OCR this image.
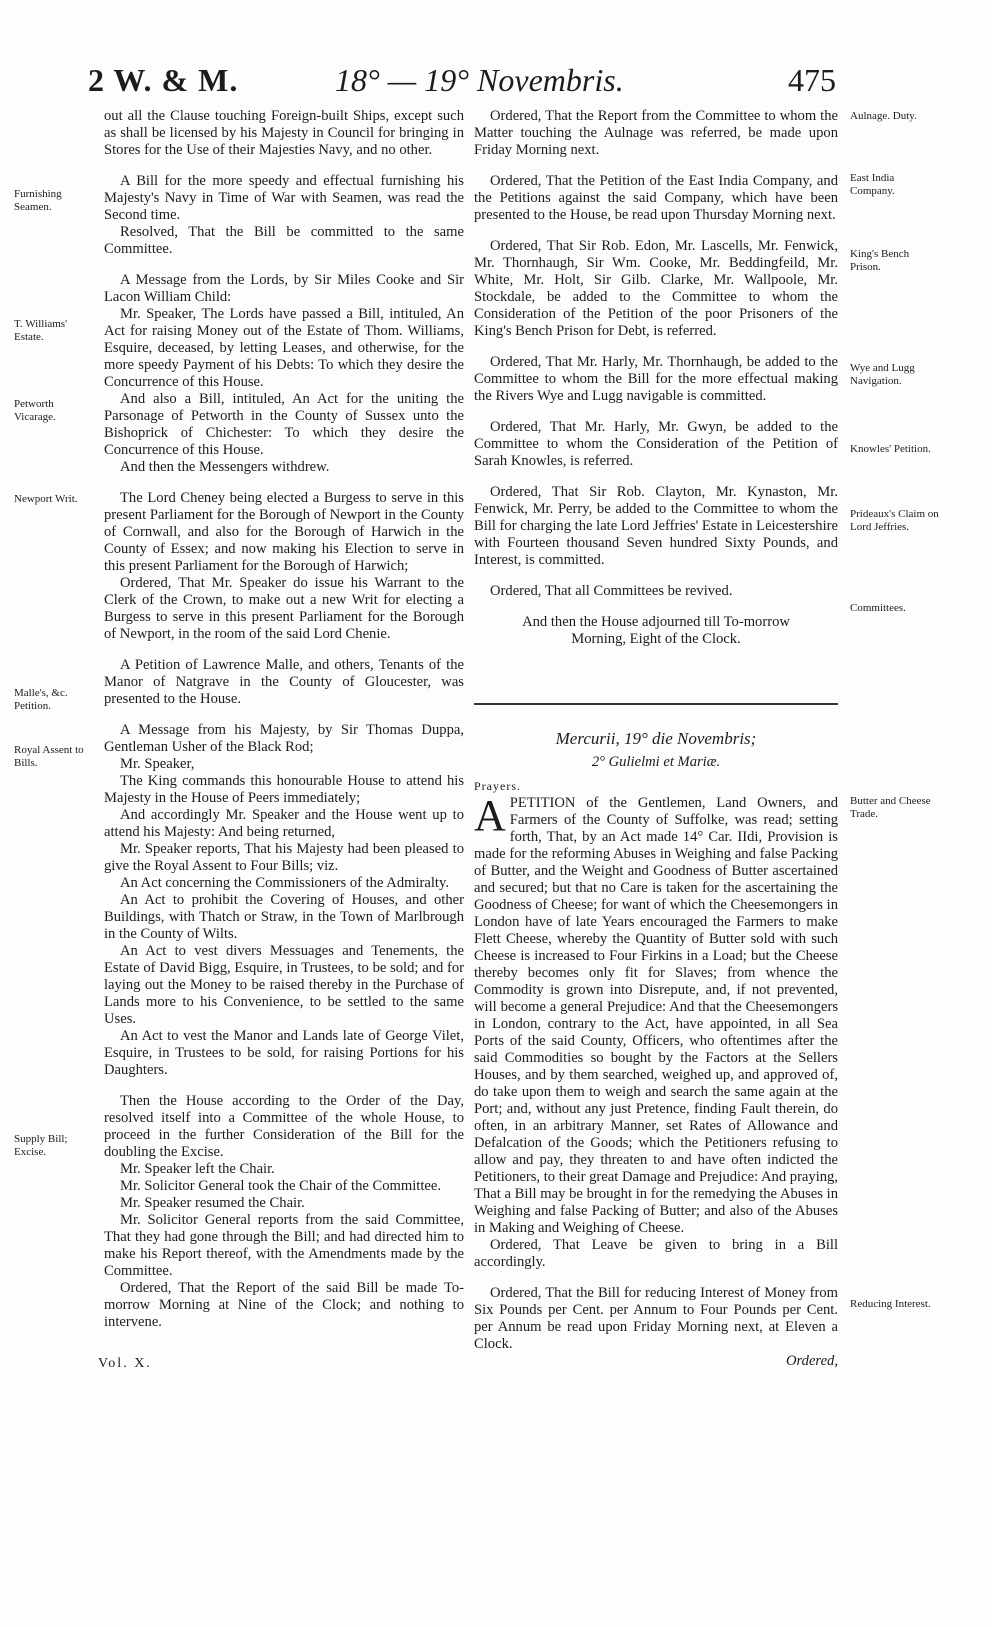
2 W. & M.	18° — 19° Novembris.	475
Furnishing Seamen.
T. Williams' Estate.
Petworth Vicarage.
Newport Writ.
Malle's, &c. Petition.
Royal Assent to Bills.
Supply Bill; Excise.
Aulnage. Duty.
East India Company.
King's Bench Prison.
Wye and Lugg Navigation.
Knowles' Petition.
Prideaux's Claim on Lord Jeffries.
Committees.
Butter and Cheese Trade.
Reducing Interest.

out all the Clause touching Foreign-built Ships, except such as shall be licensed by his Majesty in Council for bringing in Stores for the Use of their Majesties Navy, and no other.

A Bill for the more speedy and effectual furnishing his Majesty's Navy in Time of War with Seamen, was read the Second time.

Resolved, That the Bill be committed to the same Committee.

A Message from the Lords, by Sir Miles Cooke and Sir Lacon William Child:

Mr. Speaker, The Lords have passed a Bill, intituled, An Act for raising Money out of the Estate of Thom. Williams, Esquire, deceased, by letting Leases, and otherwise, for the more speedy Payment of his Debts: To which they desire the Concurrence of this House.

And also a Bill, intituled, An Act for the uniting the Parsonage of Petworth in the County of Sussex unto the Bishoprick of Chichester: To which they desire the Concurrence of this House.

And then the Messengers withdrew.

The Lord Cheney being elected a Burgess to serve in this present Parliament for the Borough of Newport in the County of Cornwall, and also for the Borough of Harwich in the County of Essex; and now making his Election to serve in this present Parliament for the Borough of Harwich;

Ordered, That Mr. Speaker do issue his Warrant to the Clerk of the Crown, to make out a new Writ for electing a Burgess to serve in this present Parliament for the Borough of Newport, in the room of the said Lord Chenie.

A Petition of Lawrence Malle, and others, Tenants of the Manor of Natgrave in the County of Gloucester, was presented to the House.

A Message from his Majesty, by Sir Thomas Duppa, Gentleman Usher of the Black Rod;

Mr. Speaker,

The King commands this honourable House to attend his Majesty in the House of Peers immediately;

And accordingly Mr. Speaker and the House went up to attend his Majesty: And being returned,

Mr. Speaker reports, That his Majesty had been pleased to give the Royal Assent to Four Bills; viz.

An Act concerning the Commissioners of the Admiralty.

An Act to prohibit the Covering of Houses, and other Buildings, with Thatch or Straw, in the Town of Marlbrough in the County of Wilts.

An Act to vest divers Messuages and Tenements, the Estate of David Bigg, Esquire, in Trustees, to be sold; and for laying out the Money to be raised thereby in the Purchase of Lands more to his Convenience, to be settled to the same Uses.

An Act to vest the Manor and Lands late of George Vilet, Esquire, in Trustees to be sold, for raising Portions for his Daughters.

Then the House according to the Order of the Day, resolved itself into a Committee of the whole House, to proceed in the further Consideration of the Bill for the doubling the Excise.

Mr. Speaker left the Chair.

Mr. Solicitor General took the Chair of the Committee.

Mr. Speaker resumed the Chair.

Mr. Solicitor General reports from the said Committee, That they had gone through the Bill; and had directed him to make his Report thereof, with the Amendments made by the Committee.

Ordered, That the Report of the said Bill be made To-morrow Morning at Nine of the Clock; and nothing to intervene.

Ordered, That the Report from the Committee to whom the Matter touching the Aulnage was referred, be made upon Friday Morning next.

Ordered, That the Petition of the East India Company, and the Petitions against the said Company, which have been presented to the House, be read upon Thursday Morning next.

Ordered, That Sir Rob. Edon, Mr. Lascells, Mr. Fenwick, Mr. Thornhaugh, Sir Wm. Cooke, Mr. Beddingfeild, Mr. White, Mr. Holt, Sir Gilb. Clarke, Mr. Wallpoole, Mr. Stockdale, be added to the Committee to whom the Consideration of the Petition of the poor Prisoners of the King's Bench Prison for Debt, is referred.

Ordered, That Mr. Harly, Mr. Thornhaugh, be added to the Committee to whom the Bill for the more effectual making the Rivers Wye and Lugg navigable is committed.

Ordered, That Mr. Harly, Mr. Gwyn, be added to the Committee to whom the Consideration of the Petition of Sarah Knowles, is referred.

Ordered, That Sir Rob. Clayton, Mr. Kynaston, Mr. Fenwick, Mr. Perry, be added to the Committee to whom the Bill for charging the late Lord Jeffries' Estate in Leicestershire with Fourteen thousand Seven hundred Sixty Pounds, and Interest, is committed.

Ordered, That all Committees be revived.

And then the House adjourned till To-morrow Morning, Eight of the Clock.

Mercurii, 19° die Novembris;

2° Gulielmi et Mariæ.

Prayers.

A PETITION of the Gentlemen, Land Owners, and Farmers of the County of Suffolke, was read; setting forth, That, by an Act made 14° Car. IIdi, Provision is made for the reforming Abuses in Weighing and false Packing of Butter, and the Weight and Goodness of Butter ascertained and secured; but that no Care is taken for the ascertaining the Goodness of Cheese; for want of which the Cheesemongers in London have of late Years encouraged the Farmers to make Flett Cheese, whereby the Quantity of Butter sold with such Cheese is increased to Four Firkins in a Load; but the Cheese thereby becomes only fit for Slaves; from whence the Commodity is grown into Disrepute, and, if not prevented, will become a general Prejudice: And that the Cheesemongers in London, contrary to the Act, have appointed, in all Sea Ports of the said County, Officers, who oftentimes after the said Commodities so bought by the Factors at the Sellers Houses, and by them searched, weighed up, and approved of, do take upon them to weigh and search the same again at the Port; and, without any just Pretence, finding Fault therein, do often, in an arbitrary Manner, set Rates of Allowance and Defalcation of the Goods; which the Petitioners refusing to allow and pay, they threaten to and have often indicted the Petitioners, to their great Damage and Prejudice: And praying, That a Bill may be brought in for the remedying the Abuses in Weighing and false Packing of Butter; and also of the Abuses in Making and Weighing of Cheese.

Ordered, That Leave be given to bring in a Bill accordingly.

Ordered, That the Bill for reducing Interest of Money from Six Pounds per Cent. per Annum to Four Pounds per Cent. per Annum be read upon Friday Morning next, at Eleven a Clock.

Ordered,

Vol. X.
